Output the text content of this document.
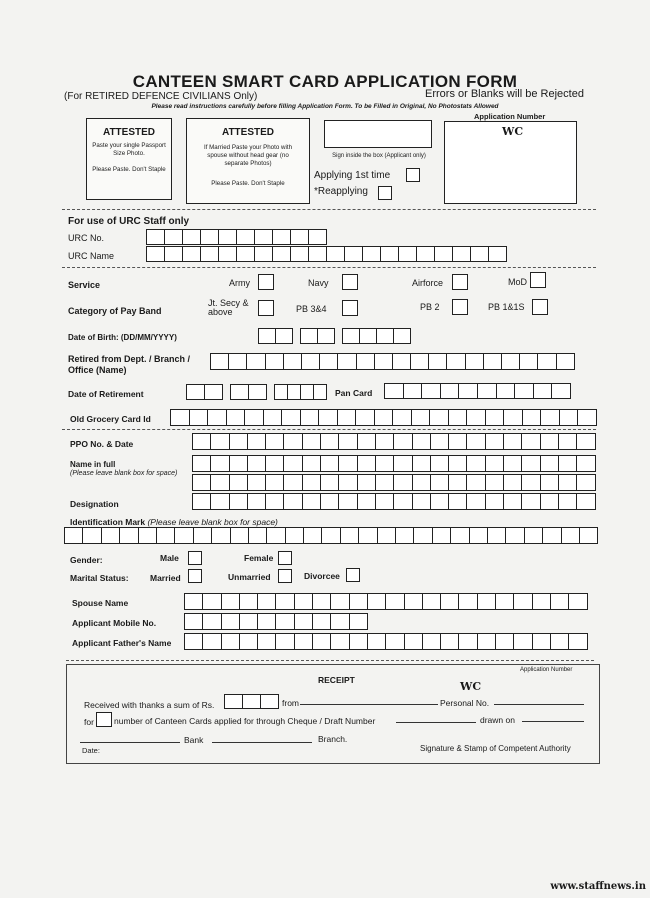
CANTEEN SMART CARD APPLICATION FORM
(For RETIRED DEFENCE CIVILIANS Only)	Errors or Blanks will be Rejected
Please read instructions carefully before filling Application Form. To be Filled in Original, No Photostats Allowed
ATTESTED
Paste your single Passport Size Photo.
Please Paste. Don't Staple
ATTESTED
If Married Paste your Photo with spouse without head gear (no separate Photos)
Please Paste. Don't Staple
Sign inside the box (Applicant only)
Applying 1st time
*Reapplying
Application Number
WC
For use of URC Staff only
URC No.
URC Name
Service	Army	Navy	Airforce	MoD
Category of Pay Band
Jt. Secy & above	PB 3&4	PB 2	PB 1&1S
Date of Birth: (DD/MM/YYYY)
Retired from Dept. / Branch / Office (Name)
Date of Retirement	Pan Card
Old Grocery Card Id
PPO No. & Date
Name in full
(Please leave blank box for space)
Designation
Identification Mark (Please leave blank box for space)
Gender:	Male	Female
Marital Status:	Married	Unmarried	Divorcee
Spouse Name
Applicant Mobile No.
Applicant Father's Name
RECEIPT
Application Number
WC
Received with thanks a sum of Rs.	from	Personal No.
for number of Canteen Cards applied for through Cheque / Draft Number	drawn on
Bank	Branch.
Date:	Signature & Stamp of Competent Authority
www.staffnews.in
